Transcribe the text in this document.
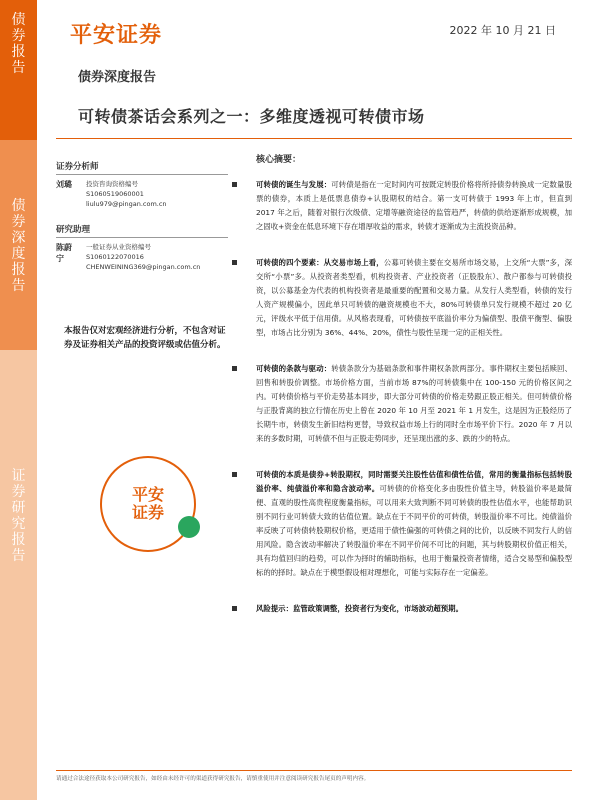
债券报告
债券深度报告
证券研究报告
平安证券	2022 年 10 月 21 日
债券深度报告
可转债茶话会系列之一：多维度透视可转债市场
证券分析师
刘璐	投资咨询资格编号
S1060519060001
liulu979@pingan.com.cn
研究助理
陈蔚宁
一般证券从业资格编号
S1060122070016
CHENWEINING369@pingan.com.cn
本报告仅对宏观经济进行分析，不包含对证券及证券相关产品的投资评级或估值分析。
平安
证券
核心摘要：
可转债的诞生与发展：可转债是指在一定时间内可按既定转股价格将所持债券转换成一定数量股票的债券，本质上是低票息债券+认股期权的结合。第一支可转债于 1993 年上市，但直到 2017 年之后，随着对银行次级债、定增等融资途径的监管趋严，转债的供给逐渐形成规模，加之固收+资金在低息环境下存在增厚收益的需求，转债才逐渐成为主流投资品种。
可转债的四个要素：从交易市场上看，公募可转债主要在交易所市场交易，上交所“大票”多，深交所“小票”多。从投资者类型看，机构投资者、产业投资者（正股股东）、散户都参与可转债投资，以公募基金为代表的机构投资者是最重要的配置和交易力量。从发行人类型看，转债的发行人资产规模偏小，因此单只可转债的融资规模也不大，80%可转债单只发行规模不超过 20 亿元，评级水平低于信用债。从风格表现看，可转债按平底溢价率分为偏债型、股债平衡型、偏股型，市场占比分别为 36%、44%、20%，债性与股性呈现一定的正相关性。
可转债的条款与驱动：转债条款分为基础条款和事件期权条款两部分。事件期权主要包括赎回、回售和转股价调整。市场价格方面，当前市场 87%的可转债集中在 100-150 元的价格区间之内。可转债价格与平价走势基本同步，即大部分可转债的价格走势跟正股正相关。但可转债价格与正股背离的独立行情在历史上曾在 2020 年 10 月至 2021 年 1 月发生，这是因为正股经历了长期牛市，转债发生新旧结构更替，导致权益市场上行的同时全市场平价下行。2020 年 7 月以来的多数时期，可转债不但与正股走势同步，还呈现出涨的多、跌的少的特点。
可转债的本质是债券+转股期权，同时需要关注股性估值和债性估值，常用的衡量指标包括转股溢价率、纯债溢价率和隐含波动率。可转债的价格变化多由股性价值主导，转股溢价率是最简便、直观的股性高贵程度衡量指标，可以用来大致判断不同可转债的股性估值水平，也能帮助识别不同行业可转债大致的估值位置。缺点在于不同平价的可转债，转股溢价率不可比。纯债溢价率反映了可转债转股期权价格，更适用于债性偏强的可转债之间的比价，以反映不同发行人的信用风险。隐含波动率解决了转股溢价率在不同平价间不可比的问题，其与转股期权价值正相关，具有均值回归的趋势，可以作为择时的辅助指标，也用于衡量投资者情绪，适合交易型和偏股型标的的择时。缺点在于模型假设相对理想化，可能与实际存在一定偏差。
风险提示：监管政策调整，投资者行为变化，市场波动超预期。
请通过合法途径获取本公司研究报告，如经由未经许可的渠道获得研究报告，请慎重使用并注意阅读研究报告尾页的声明内容。
